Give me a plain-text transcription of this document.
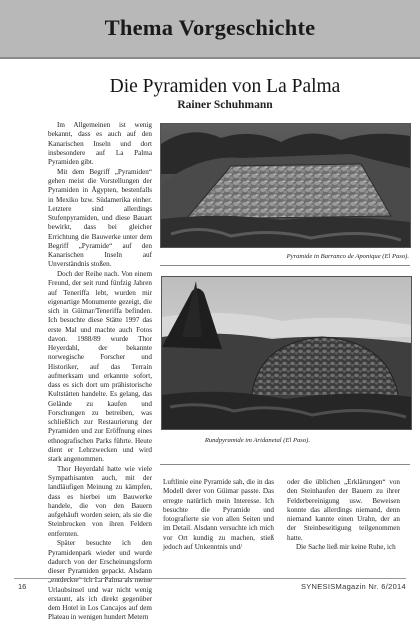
Thema Vorgeschichte
Die Pyramiden von La Palma
Rainer Schuhmann

Im Allgemeinen ist wenig bekannt, dass es auch auf den Kanarischen Inseln und dort insbesondere auf La Palma Pyramiden gibt.

Mit dem Begriff „Pyramiden“ gehen meist die Vorstellungen der Pyramiden in Ägypten, bestenfalls in Mexiko bzw. Südamerika einher. Letztere sind allerdings Stufenpyramiden, und diese Bauart bewirkt, dass bei gleicher Errichtung die Bauwerke unter dem Begriff „Pyramide“ auf den Kanarischen Inseln auf Unverständnis stoßen.

Doch der Reihe nach. Von einem Freund, der seit rund fünfzig Jahren auf Teneriffa lebt, wurden mir eigenartige Monumente gezeigt, die sich in Güimar/Teneriffa befinden. Ich besuchte diese Stätte 1997 das erste Mal und machte auch Fotos davon. 1988/89 wurde Thor Heyerdahl, der bekannte norwegische Forscher und Historiker, auf das Terrain aufmerksam und erkannte sofort, dass es sich dort um prähistorische Kultstätten handelte. Es gelang, das Gelände zu kaufen und Forschungen zu betreiben, was schließlich zur Restaurierung der Pyramiden und zur Eröffnung eines ethnografischen Parks führte. Heute dient er Lehrzwecken und wird stark angenommen.

Thor Heyerdahl hatte wie viele Sympathisanten auch, mit der landläufigen Meinung zu kämpfen, dass es hierbei um Bauwerke handele, die von den Bauern aufgehäuft worden seien, als sie die Steinbrocken von ihren Feldern entfernten.

Später besuchte ich den Pyramidenpark wieder und wurde dadurch von der Erscheinungsform dieser Pyramiden gepackt. Alsdann „entdeckte“ ich La Palma als meine Urlaubsinsel und war nicht wenig erstaunt, als ich direkt gegenüber dem Hotel in Los Cancajos auf dem Plateau in wenigen hundert Metern

Pyramide in Barranco de Aponique (El Paso).
Rundpyramide im Aridanetal (El Paso).

Luftlinie eine Pyramide sah, die in das Modell derer von Güimar passte. Das erregte natürlich mein Interesse. Ich besuchte die Pyramide und fotografierte sie von allen Seiten und im Detail. Alsdann versuchte ich mich vor Ort kundig zu machen, stieß jedoch auf Unkenntnis und/

oder die üblichen „Erklärungen“ von den Steinhaufen der Bauern zu ihrer Felderbereinigung usw. Beweisen konnte das allerdings niemand, denn niemand kannte einen Urahn, der an der Steinbeseitigung teilgenommen hatte.

Die Sache ließ mir keine Ruhe, ich

16	SYNESISMagazin Nr. 6/2014
